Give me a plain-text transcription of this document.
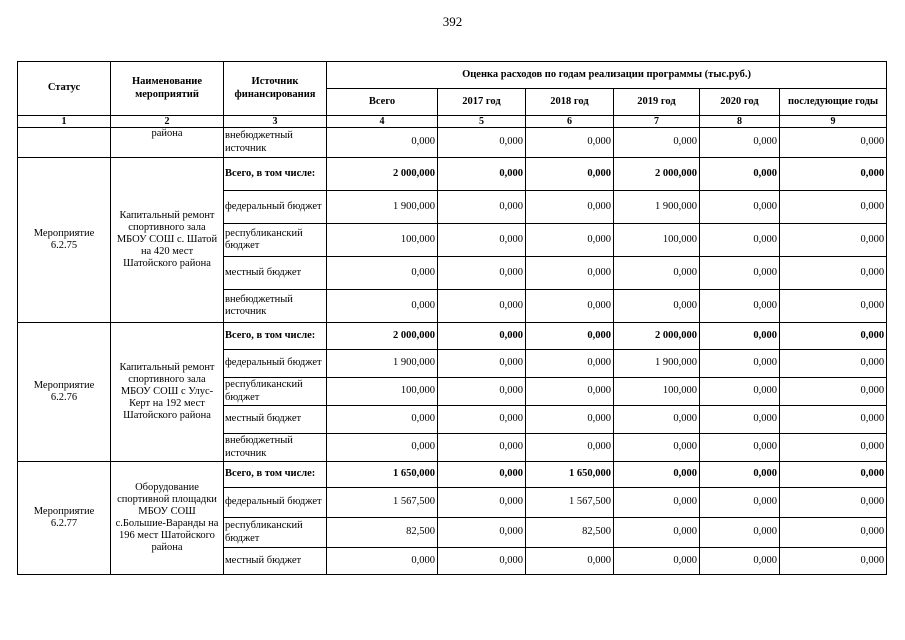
392
Статус	Наименование мероприятий	Источник финансирования	Оценка расходов по годам реализации программы (тыс.руб.)					
			Всего	2017 год	2018 год	2019 год	2020 год	последующие годы
1	2	3	4	5	6	7	8	9
	района	внебюджетный источник	0,000	0,000	0,000	0,000	0,000	0,000
Мероприятие 6.2.75	Капитальный ремонт спортивного зала МБОУ СОШ с. Шатой на 420 мест Шатойского района	Всего, в том числе:	2 000,000	0,000	0,000	2 000,000	0,000	0,000
		федеральный бюджет	1 900,000	0,000	0,000	1 900,000	0,000	0,000
		республиканский бюджет	100,000	0,000	0,000	100,000	0,000	0,000
		местный бюджет	0,000	0,000	0,000	0,000	0,000	0,000
		внебюджетный источник	0,000	0,000	0,000	0,000	0,000	0,000
Мероприятие 6.2.76	Капитальный ремонт спортивного зала МБОУ СОШ с Улус-Керт на 192 мест Шатойского района	Всего, в том числе:	2 000,000	0,000	0,000	2 000,000	0,000	0,000
		федеральный бюджет	1 900,000	0,000	0,000	1 900,000	0,000	0,000
		республиканский бюджет	100,000	0,000	0,000	100,000	0,000	0,000
		местный бюджет	0,000	0,000	0,000	0,000	0,000	0,000
		внебюджетный источник	0,000	0,000	0,000	0,000	0,000	0,000
Мероприятие 6.2.77	Оборудование спортивной площадки МБОУ СОШ с.Большие-Варанды на 196 мест Шатойского района	Всего, в том числе:	1 650,000	0,000	1 650,000	0,000	0,000	0,000
		федеральный бюджет	1 567,500	0,000	1 567,500	0,000	0,000	0,000
		республиканский бюджет	82,500	0,000	82,500	0,000	0,000	0,000
		местный бюджет	0,000	0,000	0,000	0,000	0,000	0,000
